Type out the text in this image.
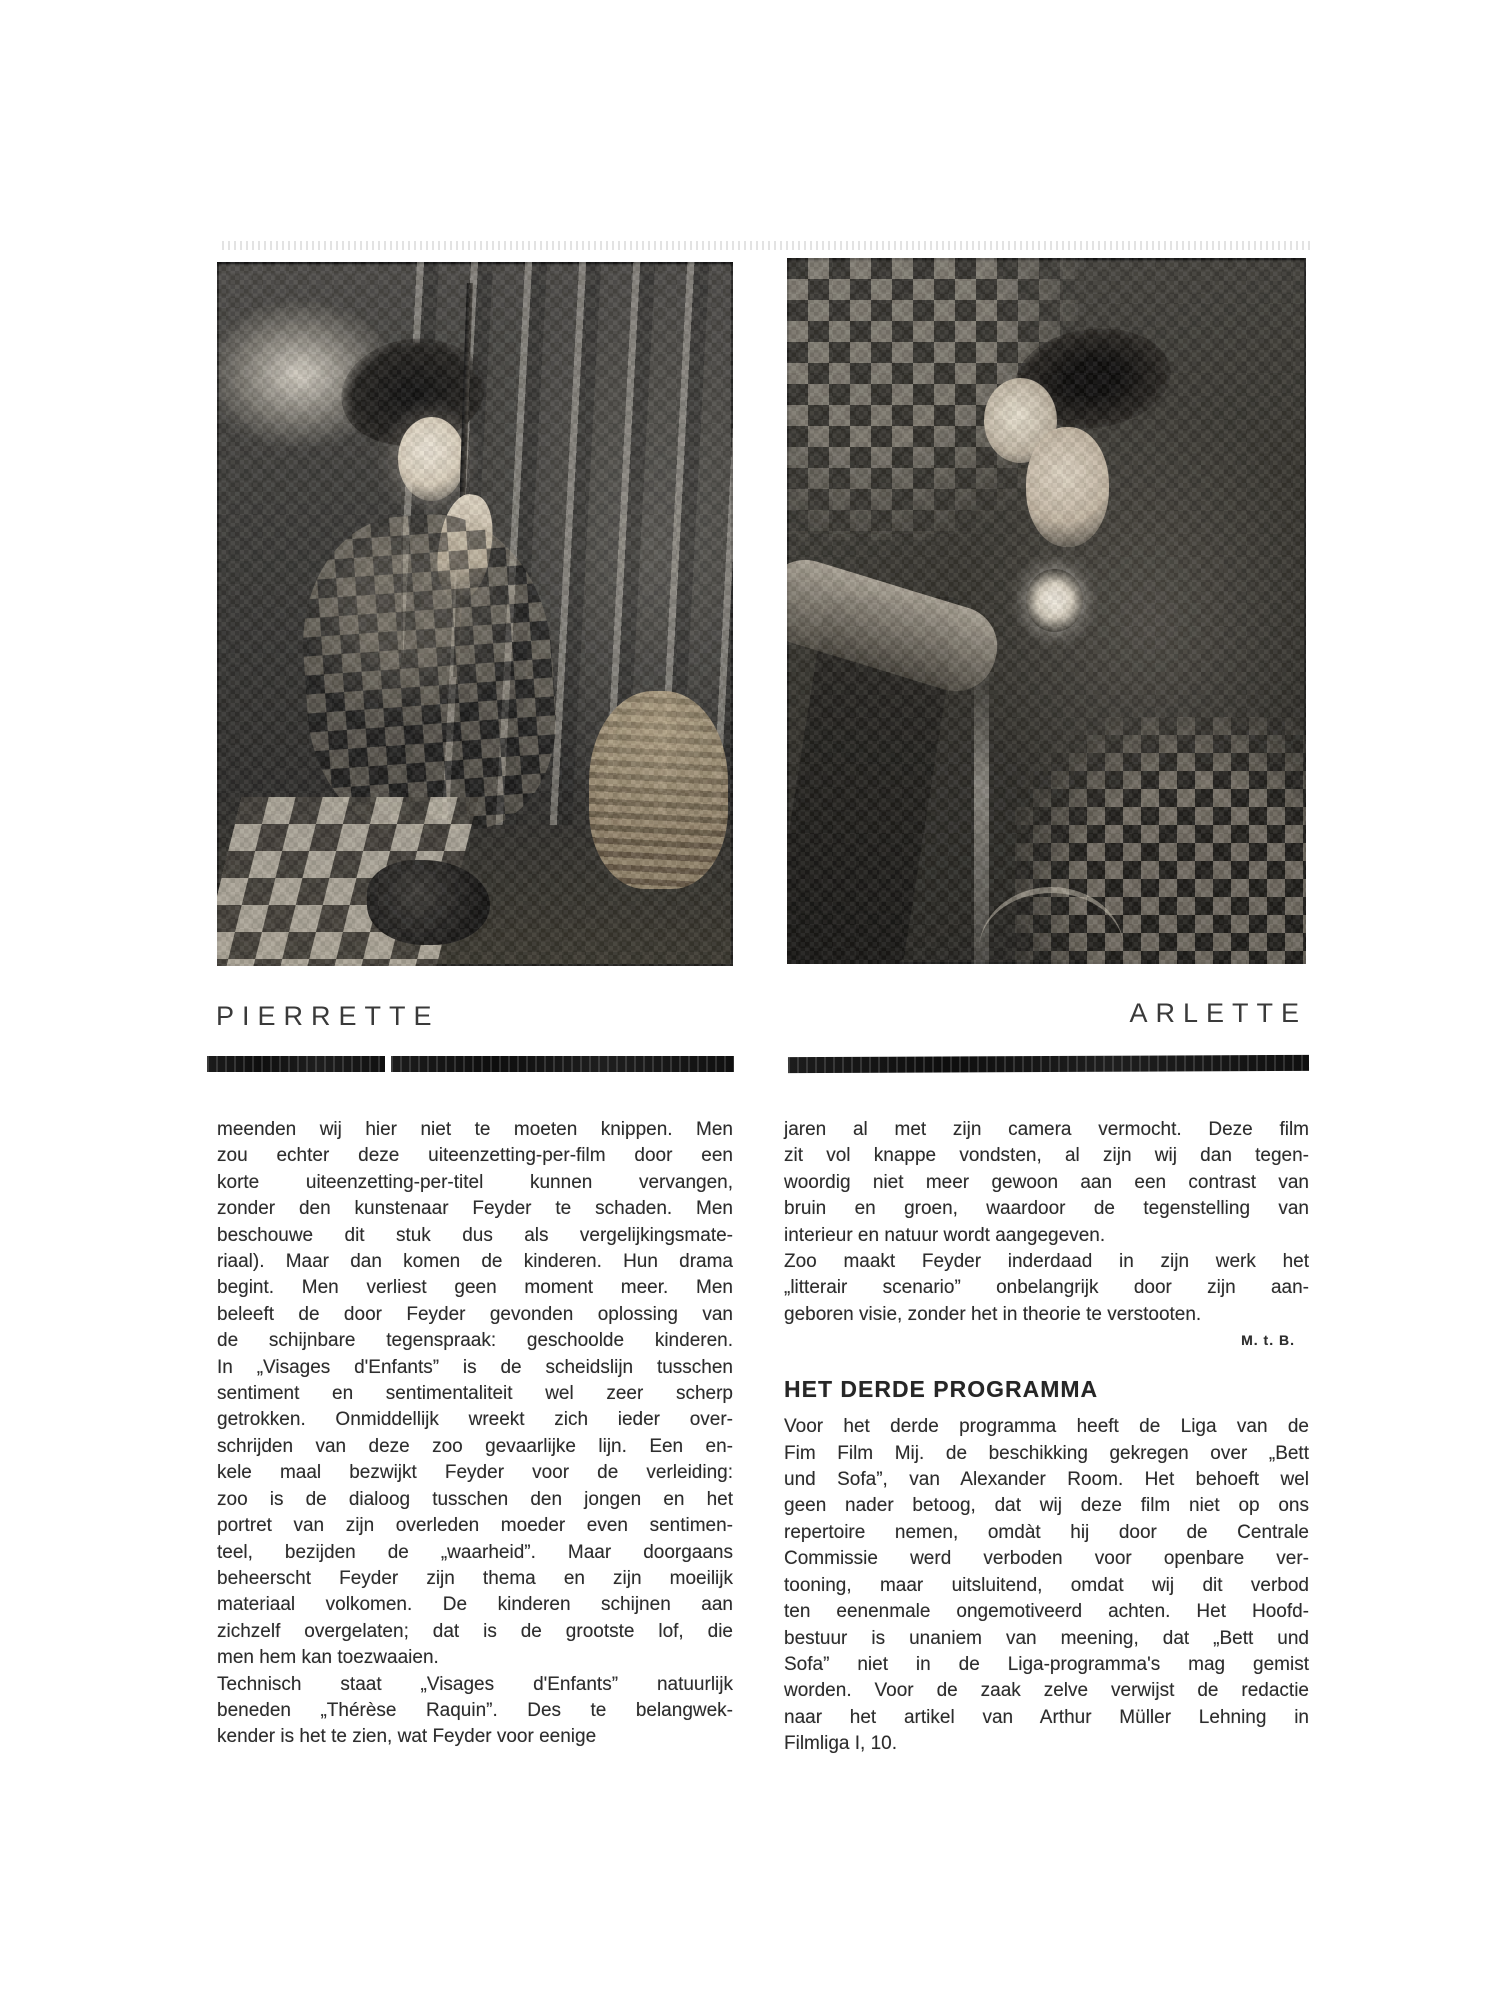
PIERRETTE	ARLETTE
meenden wij hier niet te moeten knippen. Men
zou echter deze uiteenzetting-per-film door een
korte uiteenzetting-per-titel kunnen vervangen,
zonder den kunstenaar Feyder te schaden. Men
beschouwe dit stuk dus als vergelijkingsmate-
riaal). Maar dan komen de kinderen. Hun drama
begint. Men verliest geen moment meer. Men
beleeft de door Feyder gevonden oplossing van
de schijnbare tegenspraak: geschoolde kinderen.
In „Visages d'Enfants” is de scheidslijn tusschen
sentiment en sentimentaliteit wel zeer scherp
getrokken. Onmiddellijk wreekt zich ieder over-
schrijden van deze zoo gevaarlijke lijn. Een en-
kele maal bezwijkt Feyder voor de verleiding:
zoo is de dialoog tusschen den jongen en het
portret van zijn overleden moeder even sentimen-
teel, bezijden de „waarheid”. Maar doorgaans
beheerscht Feyder zijn thema en zijn moeilijk
materiaal volkomen. De kinderen schijnen aan
zichzelf overgelaten; dat is de grootste lof, die
men hem kan toezwaaien.
Technisch staat „Visages d'Enfants” natuurlijk
beneden „Thérèse Raquin”. Des te belangwek-
kender is het te zien, wat Feyder voor eenige
jaren al met zijn camera vermocht. Deze film
zit vol knappe vondsten, al zijn wij dan tegen-
woordig niet meer gewoon aan een contrast van
bruin en groen, waardoor de tegenstelling van
interieur en natuur wordt aangegeven.
Zoo maakt Feyder inderdaad in zijn werk het
„litterair scenario” onbelangrijk door zijn aan-
geboren visie, zonder het in theorie te verstooten.
M. t. B.
HET DERDE PROGRAMMA
Voor het derde programma heeft de Liga van de
Fim Film Mij. de beschikking gekregen over „Bett
und Sofa”, van Alexander Room. Het behoeft wel
geen nader betoog, dat wij deze film niet op ons
repertoire nemen, omdàt hij door de Centrale
Commissie werd verboden voor openbare ver-
tooning, maar uitsluitend, omdat wij dit verbod
ten eenenmale ongemotiveerd achten. Het Hoofd-
bestuur is unaniem van meening, dat „Bett und
Sofa” niet in de Liga-programma's mag gemist
worden. Voor de zaak zelve verwijst de redactie
naar het artikel van Arthur Müller Lehning in
Filmliga I, 10.
